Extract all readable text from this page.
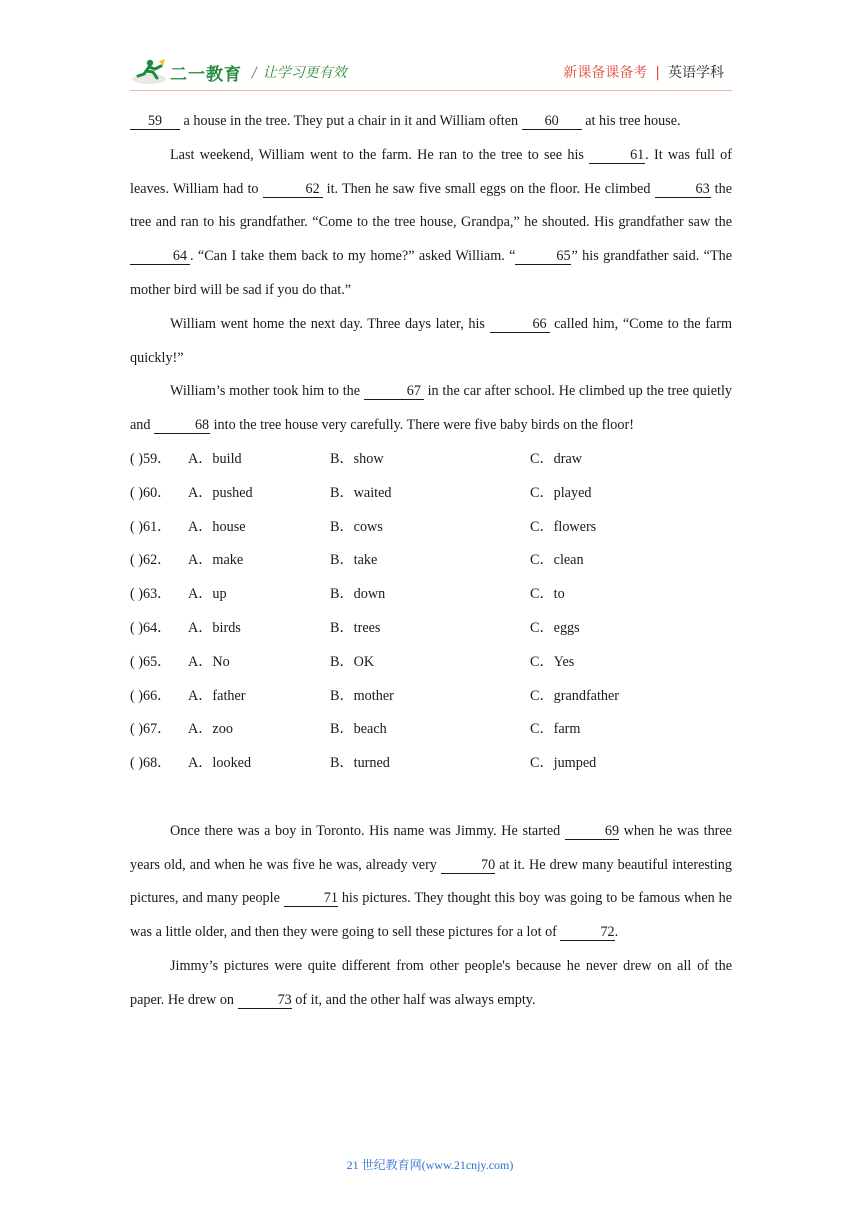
二一教育 / 让学习更有效	新课备课备考 | 英语学科

59 a house in the tree. They put a chair in it and William often 60 at his tree house.

Last weekend, William went to the farm. He ran to the tree to see his	61. It was full of leaves. William had to	62 it. Then he saw five small eggs on the floor. He climbed	63 the tree and ran to his grandfather. “Come to the tree house, Grandpa,” he shouted. His grandfather saw the 64 . “Can I take them back to my home?” asked William. “	65” his grandfather said. “The mother bird will be sad if you do that.”

William went home the next day. Three days later, his	66 called him, “Come to the farm quickly!”

William’s mother took him to the	67 in the car after school. He climbed up the tree quietly and	68 into the tree house very carefully. There were five baby birds on the floor!

( )59． A．build	B．show	C．draw
( )60． A．pushed	B．waited	C．played
( )61． A．house	B．cows	C．flowers
( )62． A．make	B．take	C．clean
( )63． A．up	B．down	C．to
( )64． A．birds	B．trees	C．eggs
( )65． A．No	B．OK	C．Yes
( )66． A．father	B．mother	C．grandfather
( )67． A．zoo	B．beach	C．farm
( )68． A．looked	B．turned	C．jumped

Once there was a boy in Toronto. His name was Jimmy. He started	69 when he was three years old, and when he was five he was, already very	70 at it. He drew many beautiful interesting pictures, and many people	71 his pictures. They thought this boy was going to be famous when he was a little older, and then they were going to sell these pictures for a lot of	72.

Jimmy’s pictures were quite different from other people's because he never drew on all of the paper. He drew on	73 of it, and the other half was always empty.

21 世纪教育网(www.21cnjy.com)
